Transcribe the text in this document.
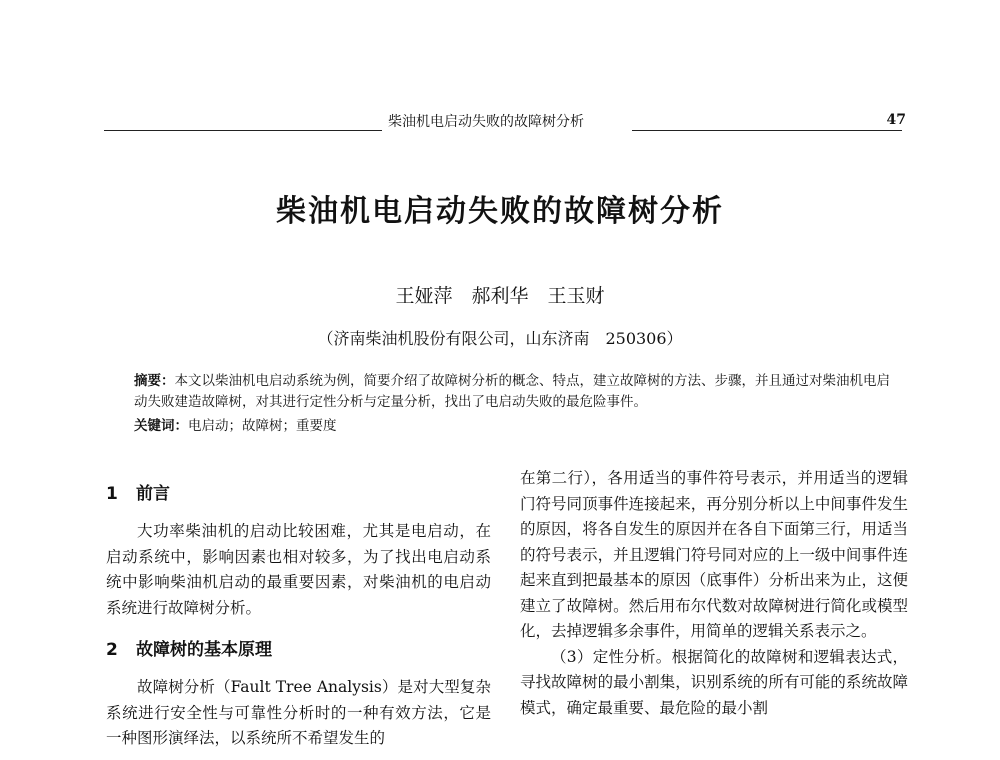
柴油机电启动失败的故障树分析	47
柴油机电启动失败的故障树分析
王娅萍　郝利华　王玉财
（济南柴油机股份有限公司，山东济南　250306）
摘要：本文以柴油机电启动系统为例，简要介绍了故障树分析的概念、特点，建立故障树的方法、步骤，并且通过对柴油机电启动失败建造故障树，对其进行定性分析与定量分析，找出了电启动失败的最危险事件。
关键词：电启动；故障树；重要度
1 前言

大功率柴油机的启动比较困难，尤其是电启动，在启动系统中，影响因素也相对较多，为了找出电启动系统中影响柴油机启动的最重要因素，对柴油机的电启动系统进行故障树分析。

2 故障树的基本原理

故障树分析（Fault Tree Analysis）是对大型复杂系统进行安全性与可靠性分析时的一种有效方法，它是一种图形演绎法，以系统所不希望发生的

在第二行），各用适当的事件符号表示，并用适当的逻辑门符号同顶事件连接起来，再分别分析以上中间事件发生的原因，将各自发生的原因并在各自下面第三行，用适当的符号表示，并且逻辑门符号同对应的上一级中间事件连起来直到把最基本的原因（底事件）分析出来为止，这便建立了故障树。然后用布尔代数对故障树进行简化或模型化，去掉逻辑多余事件，用简单的逻辑关系表示之。

（3）定性分析。根据简化的故障树和逻辑表达式，寻找故障树的最小割集，识别系统的所有可能的系统故障模式，确定最重要、最危险的最小割
